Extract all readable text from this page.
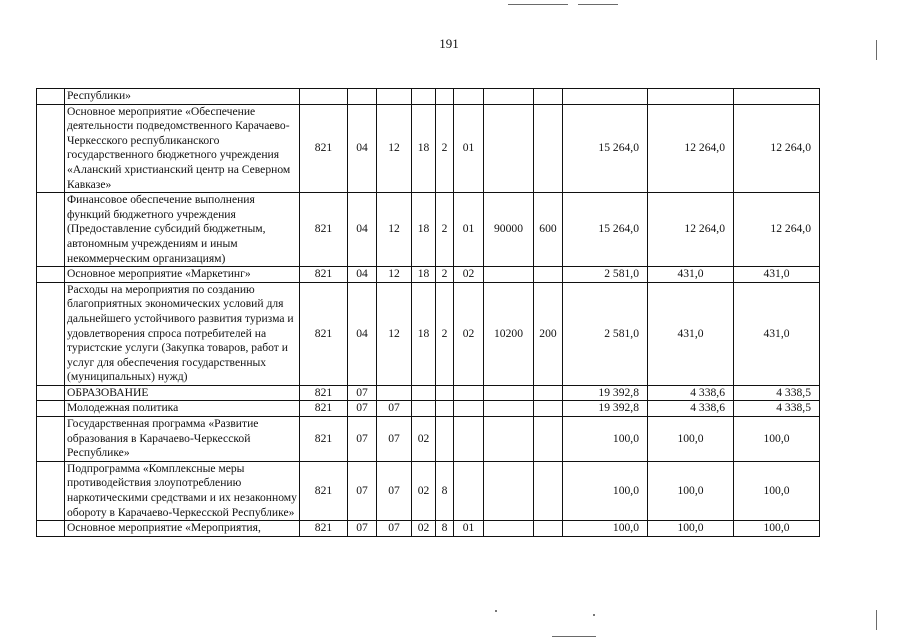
191
	Республики»											
	Основное мероприятие «Обеспечение деятельности подведомственного Карачаево-Черкесского республиканского государственного бюджетного учреждения «Аланский христианский центр на Северном Кавказе»	821	04	12	18	2	01			15 264,0	12 264,0	12 264,0
	Финансовое обеспечение выполнения функций бюджетного учреждения (Предоставление субсидий бюджетным, автономным учреждениям и иным некоммерческим организациям)	821	04	12	18	2	01	90000	600	15 264,0	12 264,0	12 264,0
	Основное мероприятие «Маркетинг»	821	04	12	18	2	02			2 581,0	431,0	431,0
	Расходы на мероприятия по созданию благоприятных экономических условий для дальнейшего устойчивого развития туризма и удовлетворения спроса потребителей на туристские услуги (Закупка товаров, работ и услуг для обеспечения государственных (муниципальных) нужд)	821	04	12	18	2	02	10200	200	2 581,0	431,0	431,0
	ОБРАЗОВАНИЕ	821	07							19 392,8	4 338,6	4 338,5
	Молодежная политика	821	07	07						19 392,8	4 338,6	4 338,5
	Государственная программа «Развитие образования в Карачаево-Черкесской Республике»	821	07	07	02					100,0	100,0	100,0
	Подпрограмма «Комплексные меры противодействия злоупотреблению наркотическими средствами и их незаконному обороту в Карачаево-Черкесской Республике»	821	07	07	02	8				100,0	100,0	100,0
	Основное мероприятие «Мероприятия,	821	07	07	02	8	01			100,0	100,0	100,0
